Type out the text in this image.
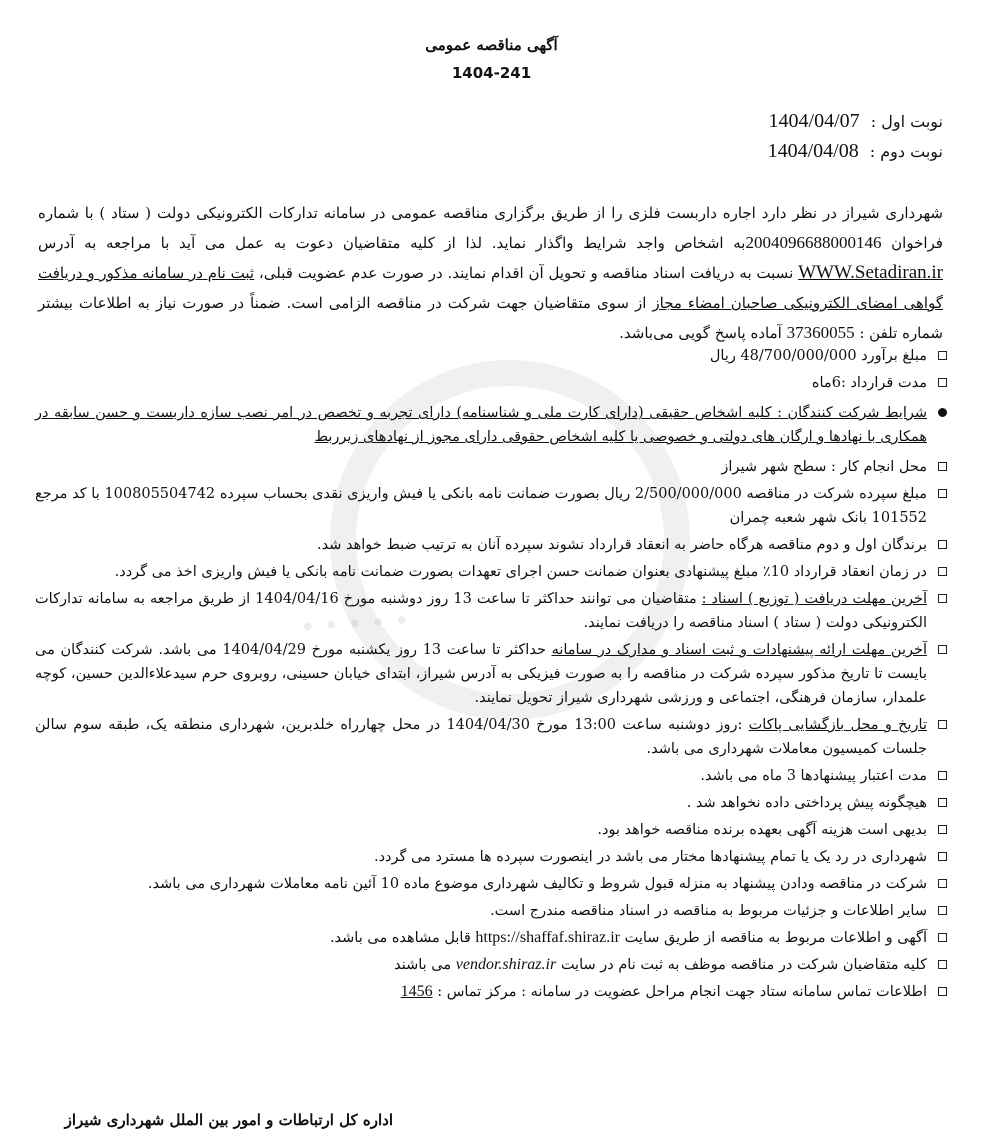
• • • • •
آگهی مناقصه عمومی
1404-241
نوبت اول : 1404/04/07
نوبت دوم : 1404/04/08
شهرداری شیراز در نظر دارد اجاره داربست فلزی را از طریق برگزاری مناقصه عمومی در سامانه تدارکات الکترونیکی دولت ( ستاد ) با شماره فراخوان 2004096688000146به اشخاص واجد شرایط واگذار نماید. لذا از کلیه متقاضیان دعوت به عمل می آید با مراجعه به آدرس WWW.Setadiran.ir نسبت به دریافت اسناد مناقصه و تحویل آن اقدام نمایند. در صورت عدم عضویت قبلی، ثبت نام در سامانه مذکور و دریافت گواهی امضای الکترونیکی صاحبان امضاء مجاز از سوی متقاضیان جهت شرکت در مناقصه الزامی است. ضمناً در صورت نیاز به اطلاعات بیشتر شماره تلفن : 37360055 آماده پاسخ گویی می‌باشد.
مبلغ برآورد 48/700/000/000 ریال
مدت قرارداد :6ماه
شرایط شرکت کنندگان : کلیه اشخاص حقیقی (دارای کارت ملی و شناسنامه) دارای تجربه و تخصص در امر نصب سازه داربست و حسن سابقه در همکاری با نهادها و ارگان های دولتی و خصوصی یا کلیه اشخاص حقوقی دارای مجوز از نهادهای زیرربط
محل انجام کار : سطح شهر شیراز
مبلغ سپرده شرکت در مناقصه 2/500/000/000 ریال بصورت ضمانت نامه بانکی یا فیش واریزی نقدی بحساب سپرده 100805504742 با کد مرجع 101552 بانک شهر شعبه چمران
برندگان اول و دوم مناقصه هرگاه حاضر به انعقاد قرارداد نشوند سپرده آنان به ترتیب ضبط خواهد شد.
در زمان انعقاد قرارداد 10٪ مبلغ پیشنهادی بعنوان ضمانت حسن اجرای تعهدات بصورت ضمانت نامه بانکی یا فیش واریزی اخذ می گردد.
آخرین مهلت دریافت ( توزیع ) اسناد : متقاضیان می توانند حداکثر تا ساعت 13 روز دوشنبه مورخ 1404/04/16 از طریق مراجعه به سامانه تدارکات الکترونیکی دولت ( ستاد ) اسناد مناقصه را دریافت نمایند.
آخرین مهلت ارائه پیشنهادات و ثبت اسناد و مدارک در سامانه حداکثر تا ساعت 13 روز یکشنبه مورخ 1404/04/29 می باشد. شرکت کنندگان می بایست تا تاریخ مذکور سپرده شرکت در مناقصه را به صورت فیزیکی به آدرس شیراز، ابتدای خیابان حسینی، روبروی حرم سیدعلاءالدین حسین، کوچه علمدار، سازمان فرهنگی، اجتماعی و ورزشی شهرداری شیراز تحویل نمایند.
تاریخ و محل بازگشایی پاکات :روز دوشنبه ساعت 13:00 مورخ 1404/04/30 در محل چهارراه خلدبرین، شهرداری منطقه یک، طبقه سوم سالن جلسات کمیسیون معاملات شهرداری می باشد.
مدت اعتبار پیشنهادها 3 ماه می باشد.
هیچگونه پیش پرداختی داده نخواهد شد .
بدیهی است هزینه آگهی بعهده برنده مناقصه خواهد بود.
شهرداری در رد یک یا تمام پیشنهادها مختار می باشد در اینصورت سپرده ها مسترد می گردد.
شرکت در مناقصه ودادن پیشنهاد به منزله قبول شروط و تکالیف شهرداری موضوع ماده 10 آئین نامه معاملات شهرداری می باشد.
سایر اطلاعات و جزئیات مربوط به مناقصه در اسناد مناقصه مندرج است.
آگهی و اطلاعات مربوط به مناقصه از طریق سایت https://shaffaf.shiraz.ir قابل مشاهده می باشد.
کلیه متقاضیان شرکت در مناقصه موظف به ثبت نام در سایت vendor.shiraz.ir می باشند
اطلاعات تماس سامانه ستاد جهت انجام مراحل عضویت در سامانه : مرکز تماس : 1456
اداره کل ارتباطات و امور بین الملل شهرداری شیراز
